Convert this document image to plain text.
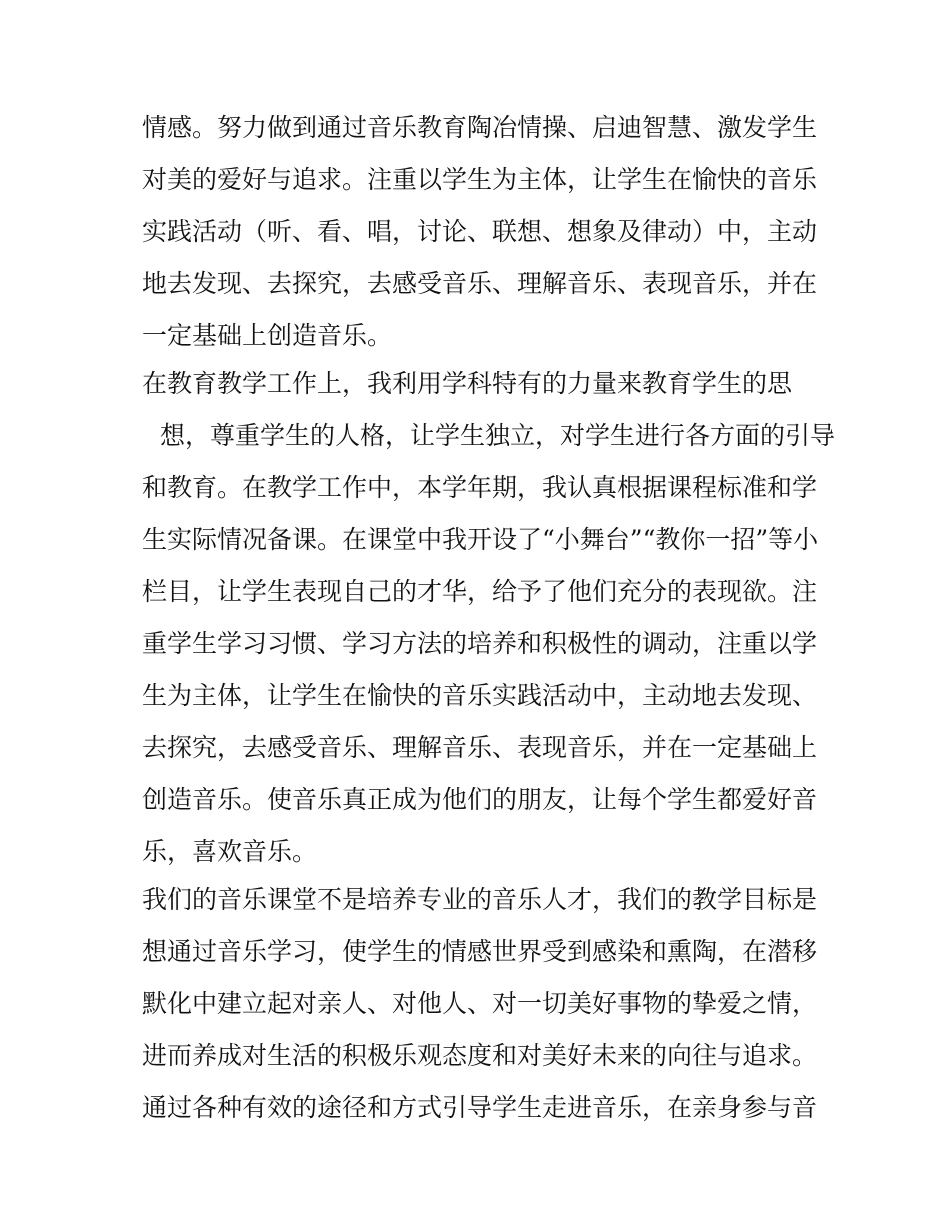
情感。努力做到通过音乐教育陶冶情操、启迪智慧、激发学生
对美的爱好与追求。注重以学生为主体，让学生在愉快的音乐
实践活动（听、看、唱，讨论、联想、想象及律动）中，主动
地去发现、去探究，去感受音乐、理解音乐、表现音乐，并在
一定基础上创造音乐。
在教育教学工作上，我利用学科特有的力量来教育学生的思
想，尊重学生的人格，让学生独立，对学生进行各方面的引导
和教育。在教学工作中，本学年期，我认真根据课程标准和学
生实际情况备课。在课堂中我开设了“小舞台”“教你一招”等小
栏目，让学生表现自己的才华，给予了他们充分的表现欲。注
重学生学习习惯、学习方法的培养和积极性的调动，注重以学
生为主体，让学生在愉快的音乐实践活动中，主动地去发现、
去探究，去感受音乐、理解音乐、表现音乐，并在一定基础上
创造音乐。使音乐真正成为他们的朋友，让每个学生都爱好音
乐，喜欢音乐。
我们的音乐课堂不是培养专业的音乐人才，我们的教学目标是
想通过音乐学习，使学生的情感世界受到感染和熏陶，在潜移
默化中建立起对亲人、对他人、对一切美好事物的挚爱之情，
进而养成对生活的积极乐观态度和对美好未来的向往与追求。
通过各种有效的途径和方式引导学生走进音乐，在亲身参与音
